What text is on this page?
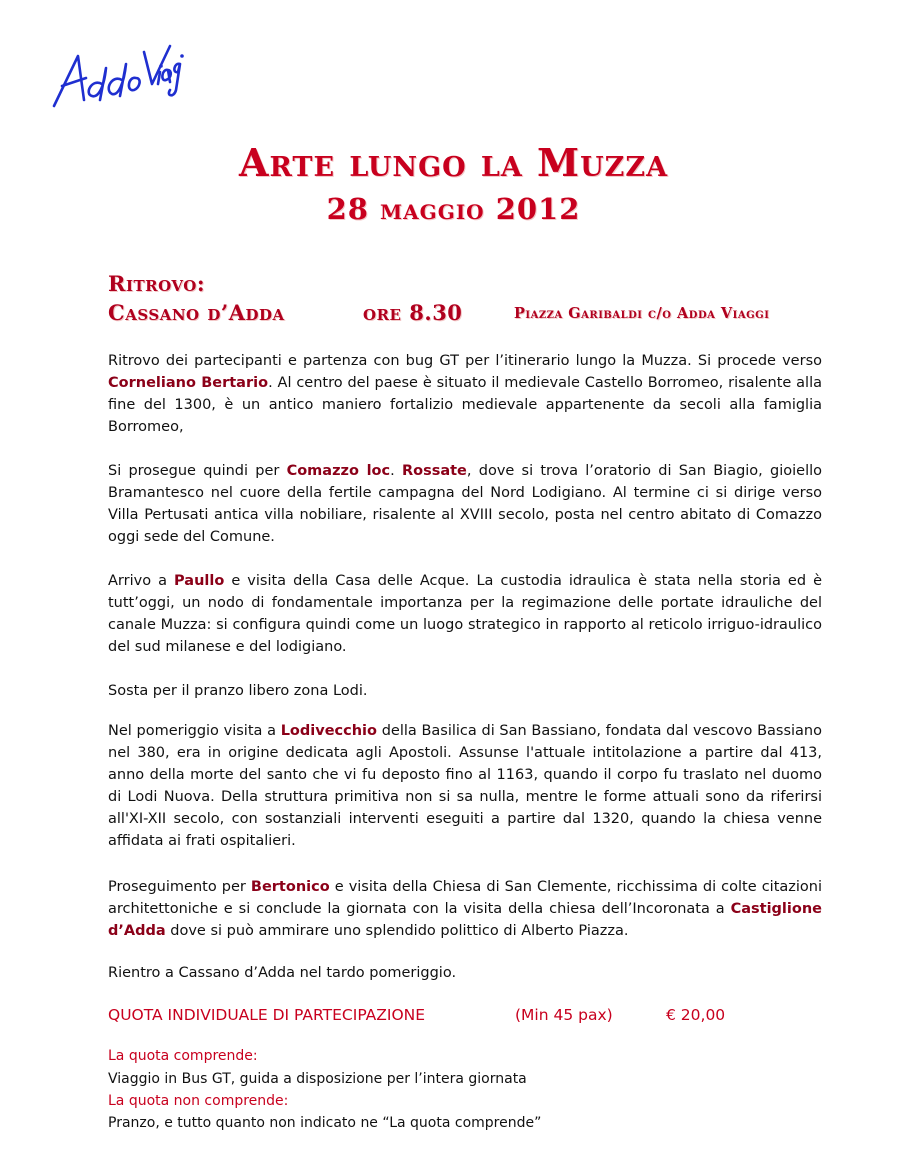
Arte lungo la Muzza
28 maggio 2012
Ritrovo:
Cassano d’Adda	ore 8.30	Piazza Garibaldi c/o Adda Viaggi

Ritrovo dei partecipanti e partenza con bug GT per l’itinerario lungo la Muzza. Si procede verso Corneliano Bertario. Al centro del paese è situato il medievale Castello Borromeo, risalente alla fine del 1300, è un antico maniero fortalizio medievale appartenente da secoli alla famiglia Borromeo,

Si prosegue quindi per Comazzo loc. Rossate, dove si trova l’oratorio di San Biagio, gioiello Bramantesco nel cuore della fertile campagna del Nord Lodigiano. Al termine ci si dirige verso Villa Pertusati antica villa nobiliare, risalente al XVIII secolo, posta nel centro abitato di Comazzo oggi sede del Comune.

Arrivo a Paullo e visita della Casa delle Acque. La custodia idraulica è stata nella storia ed è tutt’oggi, un nodo di fondamentale importanza per la regimazione delle portate idrauliche del canale Muzza: si configura quindi come un luogo strategico in rapporto al reticolo irriguo-idraulico del sud milanese e del lodigiano.

Sosta per il pranzo libero zona Lodi.

Nel pomeriggio visita a Lodivecchio della Basilica di San Bassiano, fondata dal vescovo Bassiano nel 380, era in origine dedicata agli Apostoli. Assunse l'attuale intitolazione a partire dal 413, anno della morte del santo che vi fu deposto fino al 1163, quando il corpo fu traslato nel duomo di Lodi Nuova. Della struttura primitiva non si sa nulla, mentre le forme attuali sono da riferirsi all'XI-XII secolo, con sostanziali interventi eseguiti a partire dal 1320, quando la chiesa venne affidata ai frati ospitalieri.

Proseguimento per Bertonico e visita della Chiesa di San Clemente, ricchissima di colte citazioni architettoniche e si conclude la giornata con la visita della chiesa dell’Incoronata a Castiglione d’Adda dove si può ammirare uno splendido polittico di Alberto Piazza.

Rientro a Cassano d’Adda nel tardo pomeriggio.

QUOTA INDIVIDUALE DI PARTECIPAZIONE	(Min 45 pax)	€ 20,00

La quota comprende:

Viaggio in Bus GT, guida a disposizione per l’intera giornata

La quota non comprende:

Pranzo, e tutto quanto non indicato ne “La quota comprende”
